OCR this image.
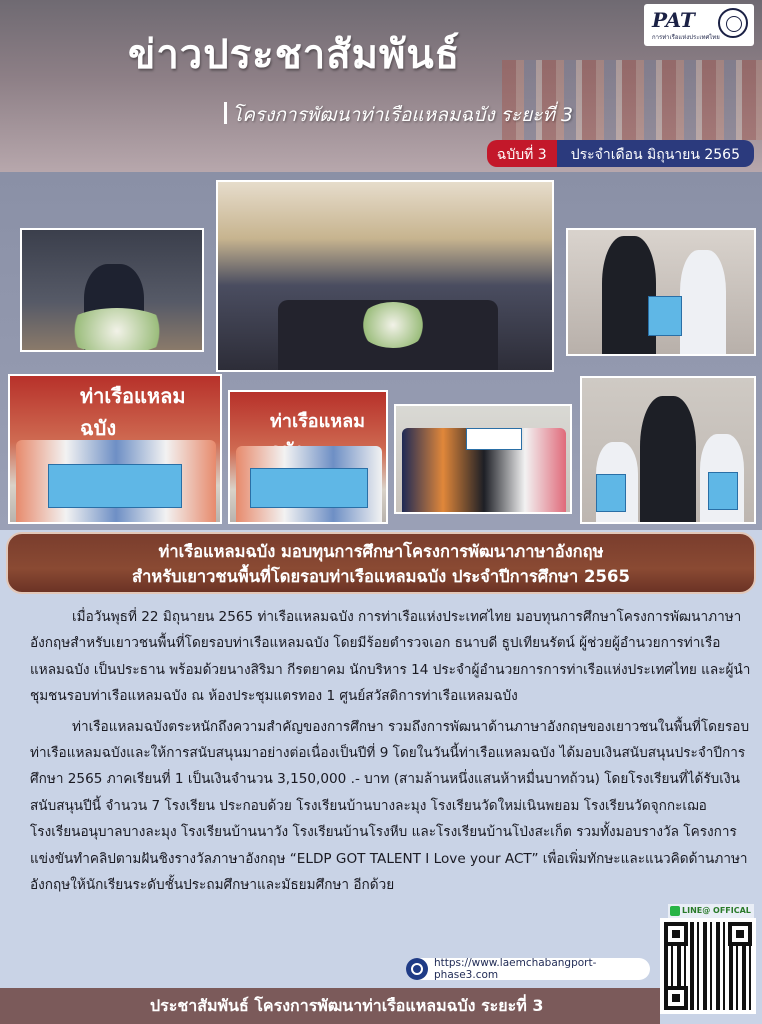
ข่าวประชาสัมพันธ์
โครงการพัฒนาท่าเรือแหลมฉบัง ระยะที่ 3
PAT
การท่าเรือแห่งประเทศไทย
ฉบับที่ 3	ประจำเดือน มิถุนายน 2565
ท่าเรือแหลมฉบัง	ท่าเรือแหลม

ท่าเรือแหลมฉบัง มอบทุนการศึกษาโครงการพัฒนาภาษาอังกฤษ

สำหรับเยาวชนพื้นที่โดยรอบท่าเรือแหลมฉบัง ประจำปีการศึกษา 2565

เมื่อวันพุธที่ 22 มิถุนายน 2565 ท่าเรือแหลมฉบัง การท่าเรือแห่งประเทศไทย มอบทุนการศึกษาโครงการพัฒนาภาษาอังกฤษสำหรับเยาวชนพื้นที่โดยรอบท่าเรือแหลมฉบัง โดยมีร้อยตำรวจเอก ธนาบดี ธูปเทียนรัตน์ ผู้ช่วยผู้อำนวยการท่าเรือแหลมฉบัง เป็นประธาน พร้อมด้วยนางสิริมา กีรตยาคม นักบริหาร 14 ประจำผู้อำนวยการการท่าเรือแห่งประเทศไทย และผู้นำชุมชนรอบท่าเรือแหลมฉบัง ณ ห้องประชุมแตรทอง 1 ศูนย์สวัสดิการท่าเรือแหลมฉบัง

ท่าเรือแหลมฉบังตระหนักถึงความสำคัญของการศึกษา รวมถึงการพัฒนาด้านภาษาอังกฤษของเยาวชนในพื้นที่โดยรอบท่าเรือแหลมฉบังและให้การสนับสนุนมาอย่างต่อเนื่องเป็นปีที่ 9 โดยในวันนี้ท่าเรือแหลมฉบัง ได้มอบเงินสนับสนุนประจำปีการศึกษา 2565 ภาคเรียนที่ 1 เป็นเงินจำนวน 3,150,000 .- บาท (สามล้านหนึ่งแสนห้าหมื่นบาทถ้วน) โดยโรงเรียนที่ได้รับเงินสนับสนุนปีนี้ จำนวน 7 โรงเรียน ประกอบด้วย โรงเรียนบ้านบางละมุง โรงเรียนวัดใหม่เนินพยอม โรงเรียนวัดจุกกะเฌอ โรงเรียนอนุบาลบางละมุง โรงเรียนบ้านนาวัง โรงเรียนบ้านโรงหีบ และโรงเรียนบ้านโป่งสะเก็ต รวมทั้งมอบรางวัล โครงการแข่งขันทำคลิปตามฝันชิงรางวัลภาษาอังกฤษ “ELDP GOT TALENT I Love your ACT” เพื่อเพิ่มทักษะและแนวคิดด้านภาษาอังกฤษให้นักเรียนระดับชั้นประถมศึกษาและมัธยมศึกษา อีกด้วย

LINE@ OFFICAL
https://www.laemchabangport-phase3.com
ประชาสัมพันธ์ โครงการพัฒนาท่าเรือแหลมฉบัง ระยะที่ 3
